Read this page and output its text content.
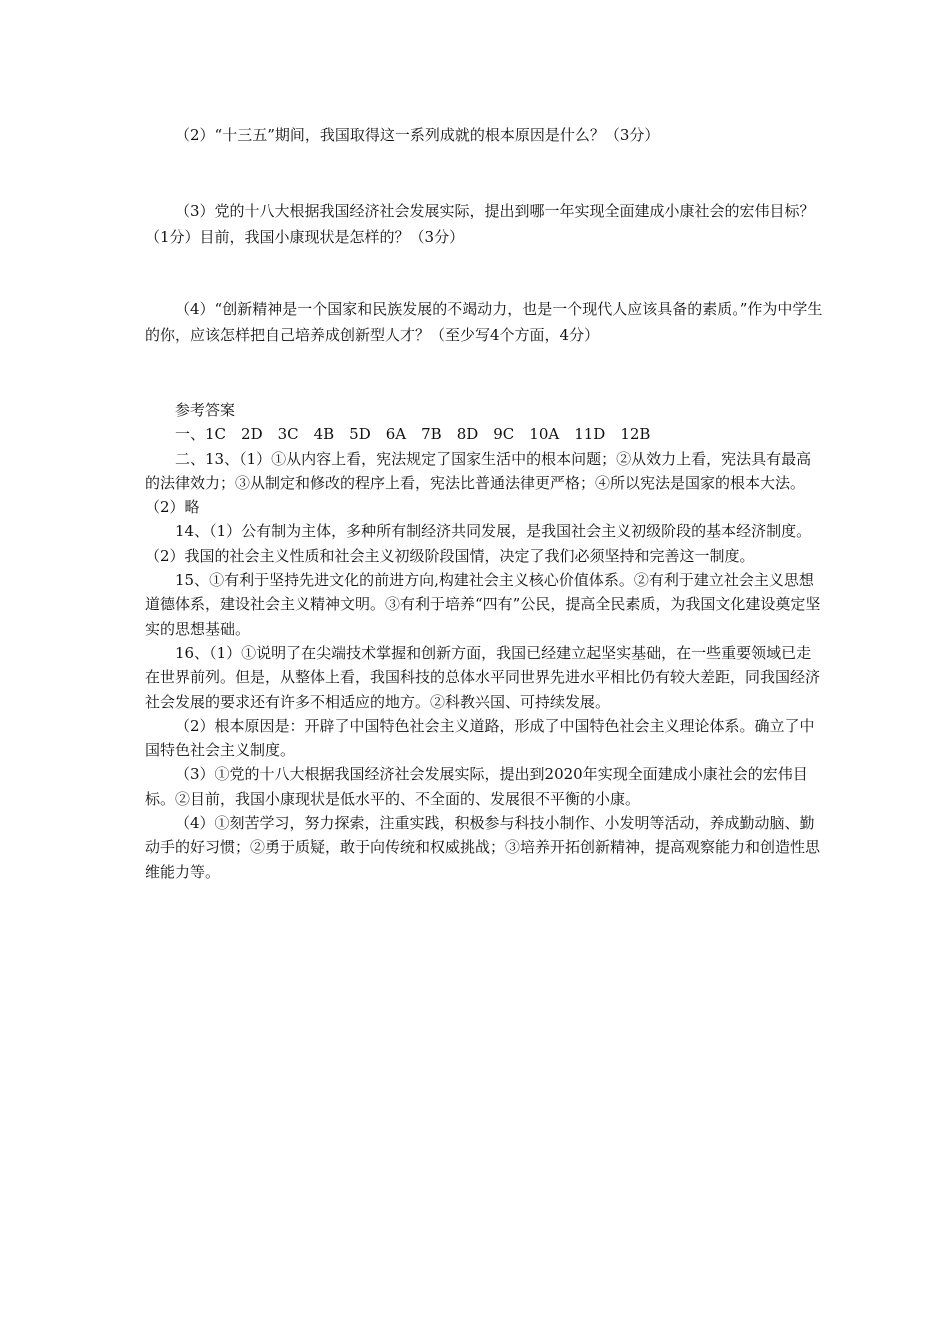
（2）“十三五”期间，我国取得这一系列成就的根本原因是什么？（3分）

（3）党的十八大根据我国经济社会发展实际，提出到哪一年实现全面建成小康社会的宏伟目标？（1分）目前，我国小康现状是怎样的？（3分）

（4）“创新精神是一个国家和民族发展的不竭动力，也是一个现代人应该具备的素质。”作为中学生的你，应该怎样把自己培养成创新型人才？（至少写4个方面，4分）

参考答案

一、1C　2D　3C　4B　5D　6A　7B　8D　9C　10A　11D　12B

二、13、（1）①从内容上看，宪法规定了国家生活中的根本问题；②从效力上看，宪法具有最高的法律效力；③从制定和修改的程序上看，宪法比普通法律更严格；④所以宪法是国家的根本大法。（2）略

14、（1）公有制为主体，多种所有制经济共同发展，是我国社会主义初级阶段的基本经济制度。（2）我国的社会主义性质和社会主义初级阶段国情，决定了我们必须坚持和完善这一制度。

15、①有利于坚持先进文化的前进方向,构建社会主义核心价值体系。②有利于建立社会主义思想道德体系，建设社会主义精神文明。③有利于培养“四有”公民，提高全民素质，为我国文化建设奠定坚实的思想基础。

16、（1）①说明了在尖端技术掌握和创新方面，我国已经建立起坚实基础，在一些重要领域已走在世界前列。但是，从整体上看，我国科技的总体水平同世界先进水平相比仍有较大差距，同我国经济社会发展的要求还有许多不相适应的地方。②科教兴国、可持续发展。

（2）根本原因是：开辟了中国特色社会主义道路，形成了中国特色社会主义理论体系。确立了中国特色社会主义制度。

（3）①党的十八大根据我国经济社会发展实际，提出到2020年实现全面建成小康社会的宏伟目标。②目前，我国小康现状是低水平的、不全面的、发展很不平衡的小康。

（4）①刻苦学习，努力探索，注重实践，积极参与科技小制作、小发明等活动，养成勤动脑、勤动手的好习惯；②勇于质疑，敢于向传统和权威挑战；③培养开拓创新精神，提高观察能力和创造性思维能力等。
